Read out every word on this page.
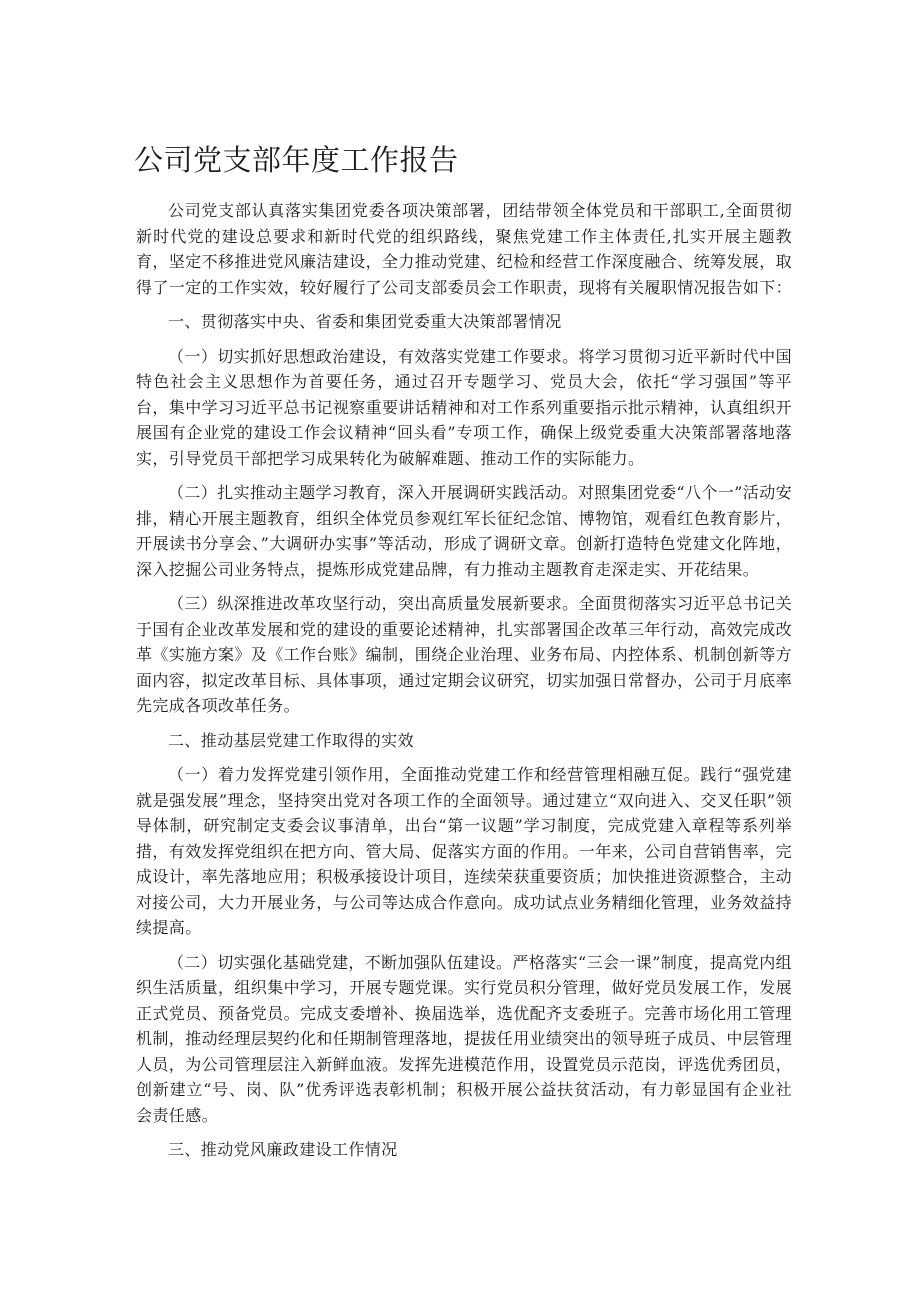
公司党支部年度工作报告

公司党支部认真落实集团党委各项决策部署，团结带领全体党员和干部职工,全面贯彻新时代党的建设总要求和新时代党的组织路线，聚焦党建工作主体责任,扎实开展主题教育，坚定不移推进党风廉洁建设，全力推动党建、纪检和经营工作深度融合、统筹发展，取得了一定的工作实效，较好履行了公司支部委员会工作职责，现将有关履职情况报告如下：

一、贯彻落实中央、省委和集团党委重大决策部署情况

（一）切实抓好思想政治建设，有效落实党建工作要求。将学习贯彻习近平新时代中国特色社会主义思想作为首要任务，通过召开专题学习、党员大会，依托“学习强国”等平台，集中学习习近平总书记视察重要讲话精神和对工作系列重要指示批示精神，认真组织开展国有企业党的建设工作会议精神“回头看”专项工作，确保上级党委重大决策部署落地落实，引导党员干部把学习成果转化为破解难题、推动工作的实际能力。

（二）扎实推动主题学习教育，深入开展调研实践活动。对照集团党委“八个一”活动安排，精心开展主题教育，组织全体党员参观红军长征纪念馆、博物馆，观看红色教育影片，开展读书分享会、”大调研办实事”等活动，形成了调研文章。创新打造特色党建文化阵地，深入挖掘公司业务特点，提炼形成党建品牌，有力推动主题教育走深走实、开花结果。

（三）纵深推进改革攻坚行动，突出高质量发展新要求。全面贯彻落实习近平总书记关于国有企业改革发展和党的建设的重要论述精神，扎实部署国企改革三年行动，高效完成改革《实施方案》及《工作台账》编制，围绕企业治理、业务布局、内控体系、机制创新等方面内容，拟定改革目标、具体事项，通过定期会议研究，切实加强日常督办，公司于月底率先完成各项改革任务。

二、推动基层党建工作取得的实效

（一）着力发挥党建引领作用，全面推动党建工作和经营管理相融互促。践行“强党建就是强发展”理念，坚持突出党对各项工作的全面领导。通过建立“双向进入、交叉任职”领导体制，研究制定支委会议事清单，出台“第一议题”学习制度，完成党建入章程等系列举措，有效发挥党组织在把方向、管大局、促落实方面的作用。一年来，公司自营销售率，完成设计，率先落地应用；积极承接设计项目，连续荣获重要资质；加快推进资源整合，主动对接公司，大力开展业务，与公司等达成合作意向。成功试点业务精细化管理，业务效益持续提高。

（二）切实强化基础党建，不断加强队伍建设。严格落实“三会一课”制度，提高党内组织生活质量，组织集中学习，开展专题党课。实行党员积分管理，做好党员发展工作，发展正式党员、预备党员。完成支委增补、换届选举，选优配齐支委班子。完善市场化用工管理机制，推动经理层契约化和任期制管理落地，提拔任用业绩突出的领导班子成员、中层管理人员，为公司管理层注入新鲜血液。发挥先进模范作用，设置党员示范岗，评选优秀团员，创新建立“号、岗、队”优秀评选表彰机制；积极开展公益扶贫活动，有力彰显国有企业社会责任感。

三、推动党风廉政建设工作情况
